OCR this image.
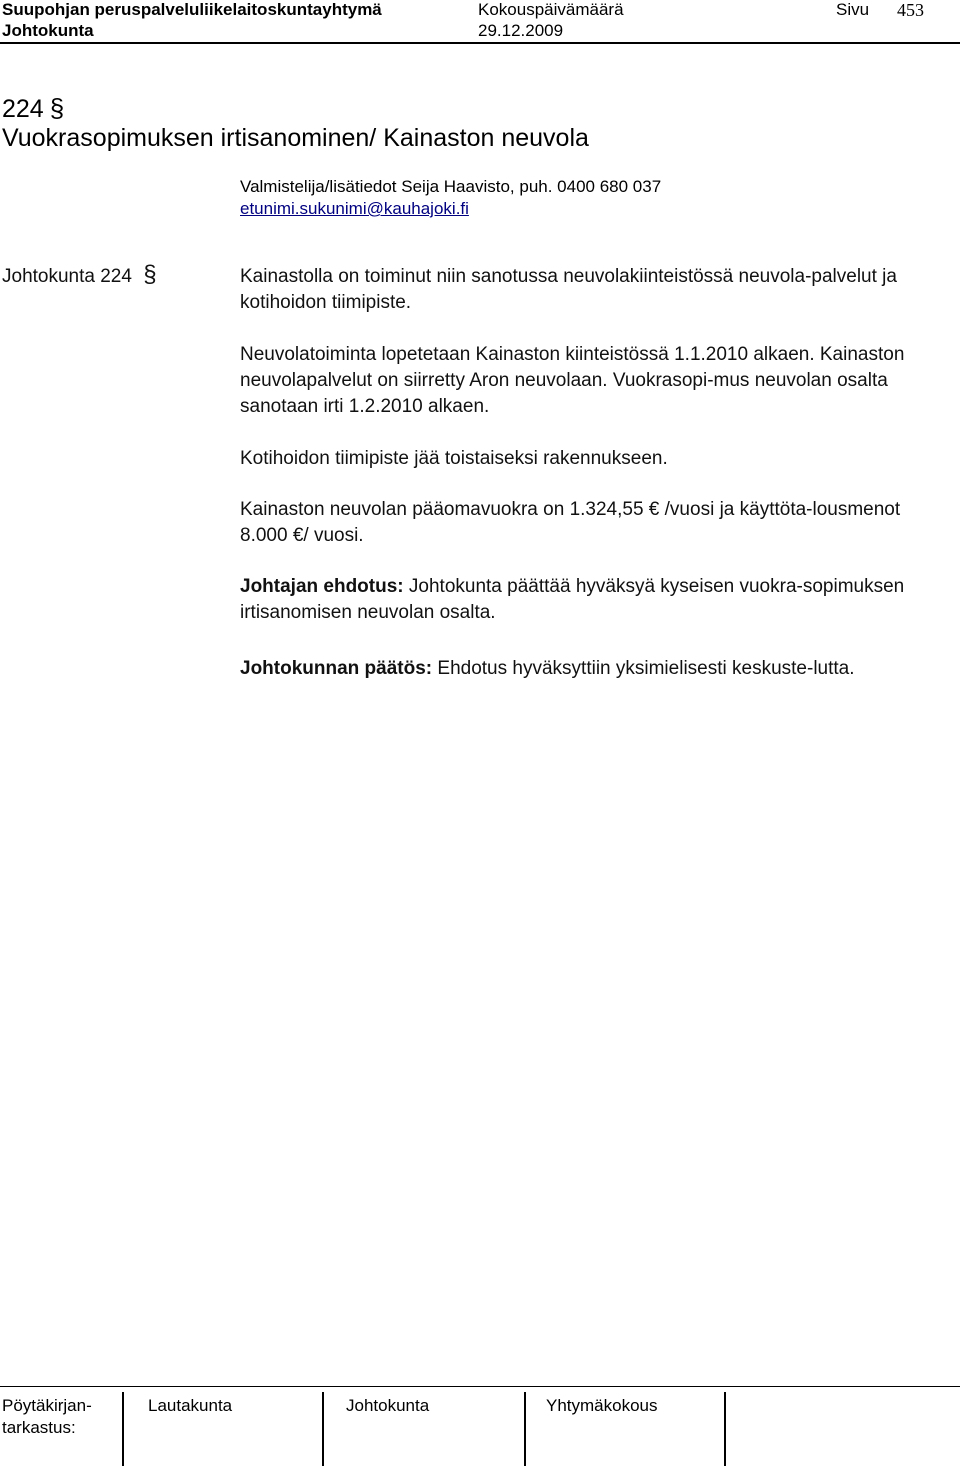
Suupohjan peruspalveluliikelaitoskuntayhtymä
Johtokunta
Kokouspäivämäärä
29.12.2009
Sivu 453
224 §
Vuokrasopimuksen irtisanominen/ Kainaston neuvola
Valmistelija/lisätiedot Seija Haavisto, puh. 0400 680 037
etunimi.sukunimi@kauhajoki.fi
Johtokunta 224 §	Kainastolla on toiminut niin sanotussa neuvolakiinteistössä neuvola-palvelut ja kotihoidon tiimipiste.

Neuvolatoiminta lopetetaan Kainaston kiinteistössä 1.1.2010 alkaen. Kainaston neuvolapalvelut on siirretty Aron neuvolaan. Vuokrasopi-mus neuvolan osalta sanotaan irti 1.2.2010 alkaen.

Kotihoidon tiimipiste jää toistaiseksi rakennukseen.

Kainaston neuvolan pääomavuokra on 1.324,55 € /vuosi ja käyttöta-lousmenot 8.000 €/ vuosi.

Johtajan ehdotus: Johtokunta päättää hyväksyä kyseisen vuokra-sopimuksen irtisanomisen neuvolan osalta.

Johtokunnan päätös: Ehdotus hyväksyttiin yksimielisesti keskuste-lutta.

Pöytäkirjan-
tarkastus:
Lautakunta	Johtokunta	Yhtymäkokous
